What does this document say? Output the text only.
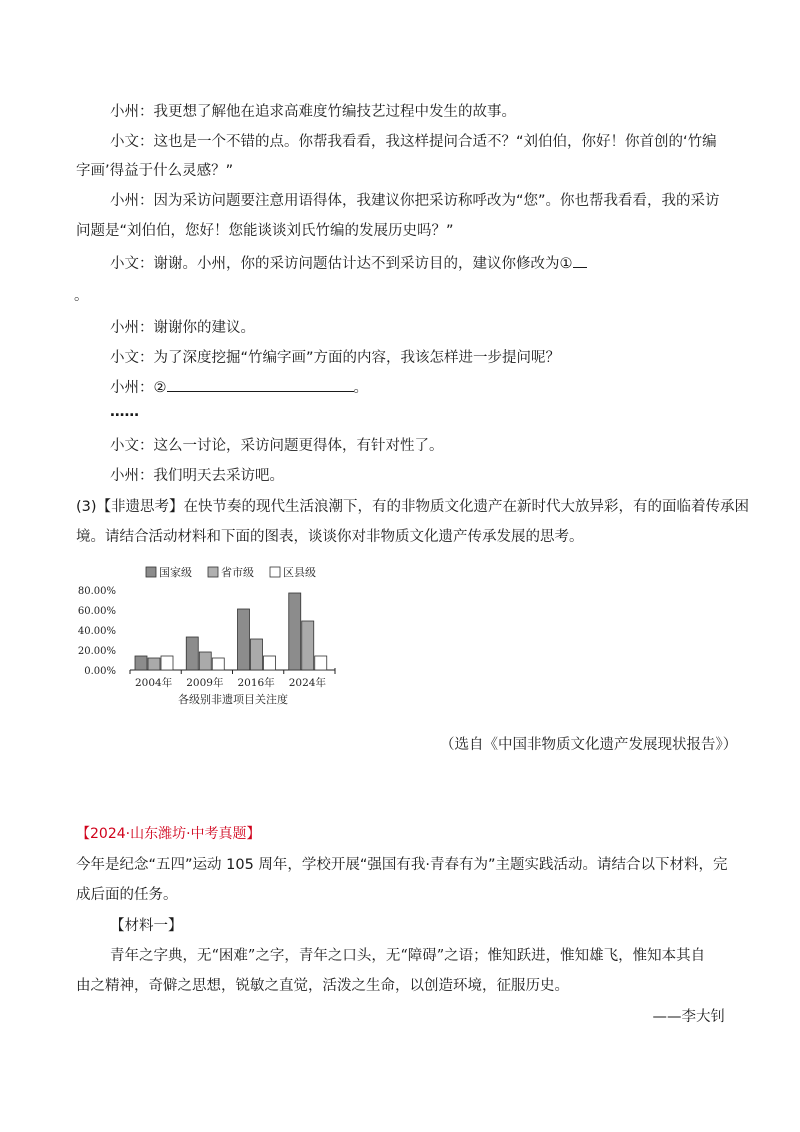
小州：我更想了解他在追求高难度竹编技艺过程中发生的故事。
小文：这也是一个不错的点。你帮我看看，我这样提问合适不？“刘伯伯，你好！你首创的‘竹编
字画’得益于什么灵感？”
小州：因为采访问题要注意用语得体，我建议你把采访称呼改为“您”。你也帮我看看，我的采访
问题是“刘伯伯，您好！您能谈谈刘氏竹编的发展历史吗？”
小文：谢谢。小州，你的采访问题估计达不到采访目的，建议你修改为①
。
小州：谢谢你的建议。
小文：为了深度挖掘“竹编字画”方面的内容，我该怎样进一步提问呢？
小州：②	。
……
小文：这么一讨论，采访问题更得体，有针对性了。
小州：我们明天去采访吧。
(3)【非遗思考】在快节奏的现代生活浪潮下，有的非物质文化遗产在新时代大放异彩，有的面临着传承困
境。请结合活动材料和下面的图表，谈谈你对非物质文化遗产传承发展的思考。
80.00%
60.00%
40.00%
20.00%
0.00%
2004年 2009年 2016年 2024年
国家级	省市级	区县级
各级别非遗项目关注度
（选自《中国非物质文化遗产发展现状报告》）
【2024·山东潍坊·中考真题】
今年是纪念“五四”运动 105 周年，学校开展“强国有我·青春有为”主题实践活动。请结合以下材料，完
成后面的任务。
【材料一】
青年之字典，无“困难”之字，青年之口头，无“障碍”之语；惟知跃进，惟知雄飞，惟知本其自
由之精神，奇僻之思想，锐敏之直觉，活泼之生命，以创造环境，征服历史。
——李大钊
